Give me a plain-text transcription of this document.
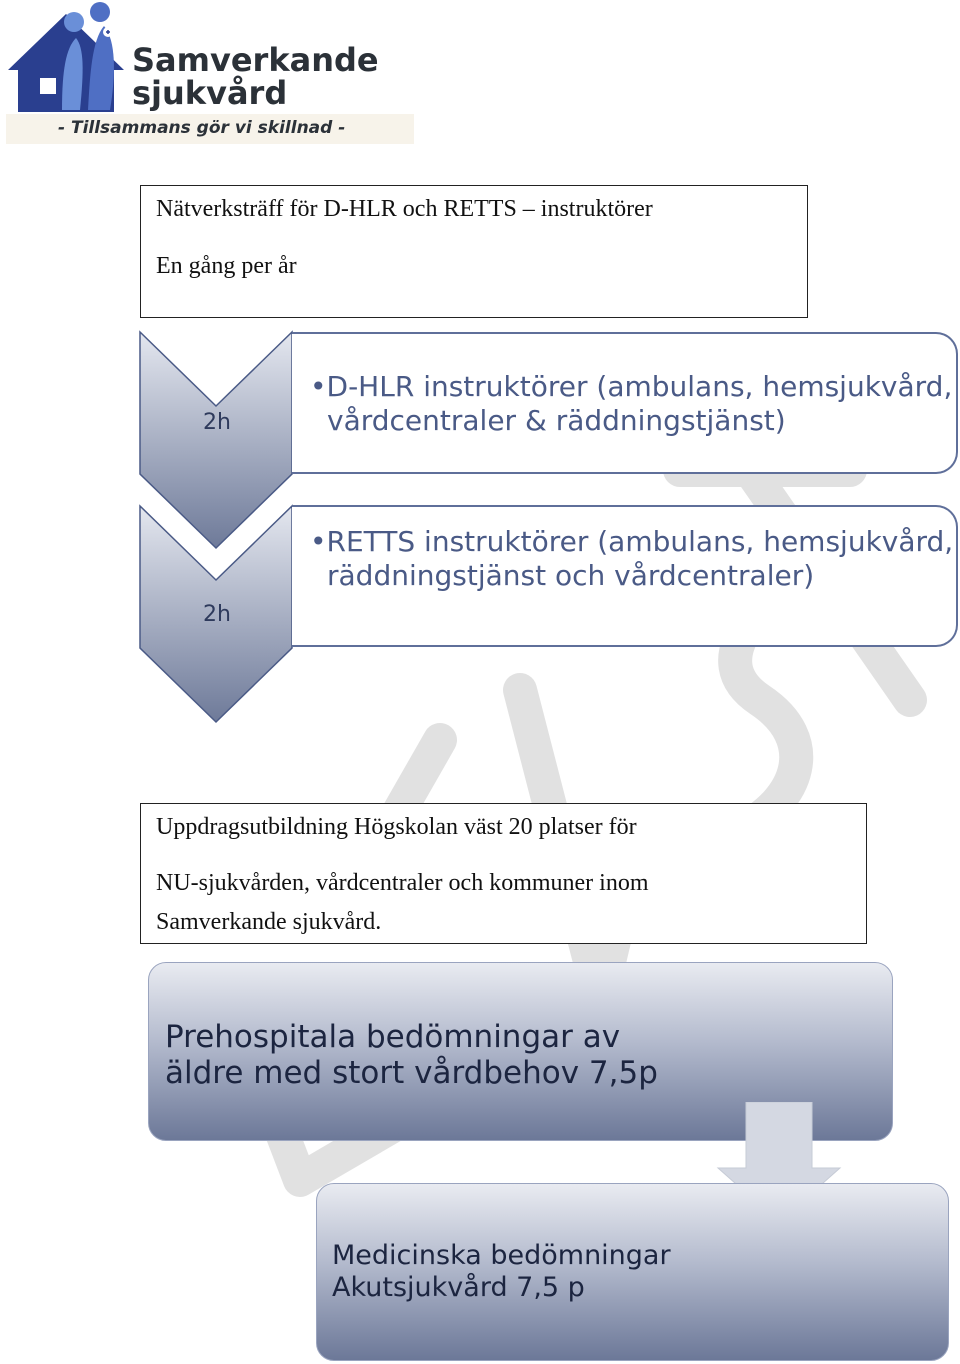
Samverkande
sjukvård
- Tillsammans gör vi skillnad -
Nätverksträff för D-HLR och RETTS – instruktörer
En gång per år
2h
2h
•D-HLR instruktörer (ambulans, hemsjukvård,
vårdcentraler & räddningstjänst)
•RETTS instruktörer (ambulans, hemsjukvård,
räddningstjänst och vårdcentraler)
Uppdragsutbildning Högskolan väst 20 platser för
NU-sjukvården, vårdcentraler och kommuner inom
Samverkande sjukvård.
Prehospitala bedömningar av
äldre med stort vårdbehov 7,5p
Medicinska bedömningar
Akutsjukvård 7,5 p
